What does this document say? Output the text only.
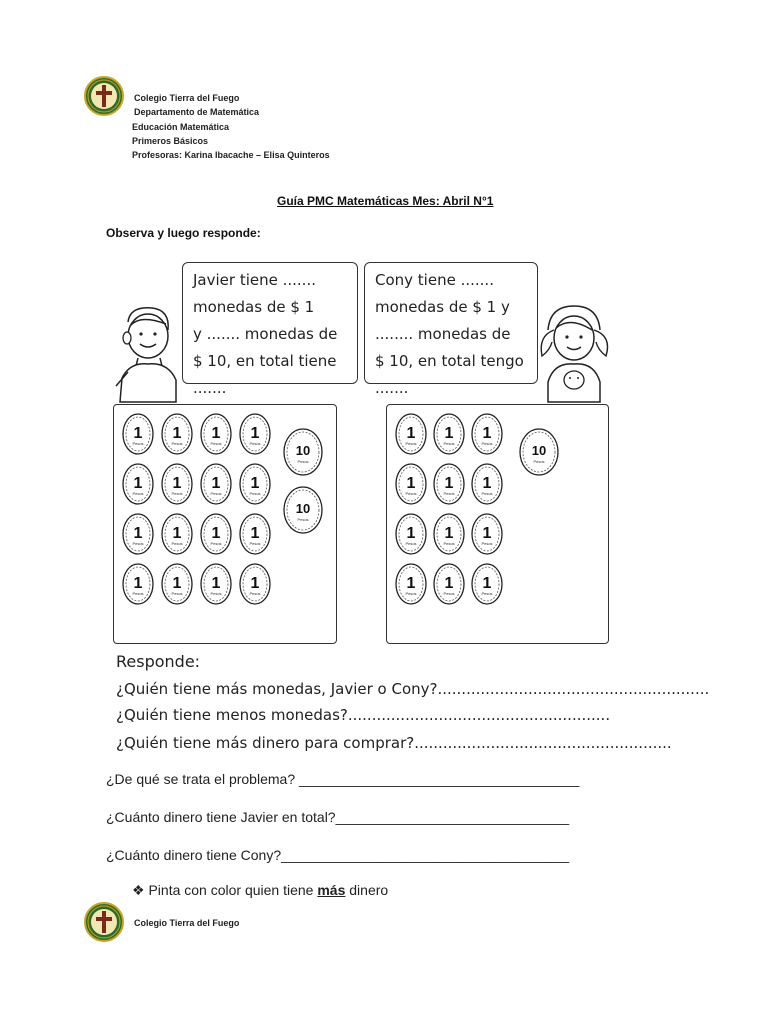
Colegio Tierra del Fuego
Departamento de Matemática
Educación Matemática
Primeros Básicos
Profesoras: Karina Ibacache – Elisa Quinteros
Guía PMC Matemáticas Mes: Abril N°1
Observa y luego responde:
Javier tiene .......
monedas de $ 1
y ....... monedas de
$ 10, en total tiene .......
Cony tiene .......
monedas de $ 1 y
........ monedas de
$ 10, en total tengo .......
1
Pesos
1
Pesos
1
Pesos
1
Pesos
1
Pesos
1
Pesos
1
Pesos
1
Pesos
1
Pesos
1
Pesos
1
Pesos
1
Pesos
1
Pesos
1
Pesos
1
Pesos
1
Pesos
10
Pesos
10
Pesos
1
Pesos
1
Pesos
1
Pesos
1
Pesos
1
Pesos
1
Pesos
1
Pesos
1
Pesos
1
Pesos
1
Pesos
1
Pesos
1
Pesos
10
Pesos
Responde:
¿Quién tiene más monedas, Javier o Cony?.........................................................
¿Quién tiene menos monedas?.......................................................
¿Quién tiene más dinero para comprar?......................................................
¿De qué se trata el problema? ____________________________________
¿Cuánto dinero tiene Javier en total?______________________________
¿Cuánto dinero tiene Cony?_____________________________________
❖ Pinta con color quien tiene más dinero
Colegio Tierra del Fuego
